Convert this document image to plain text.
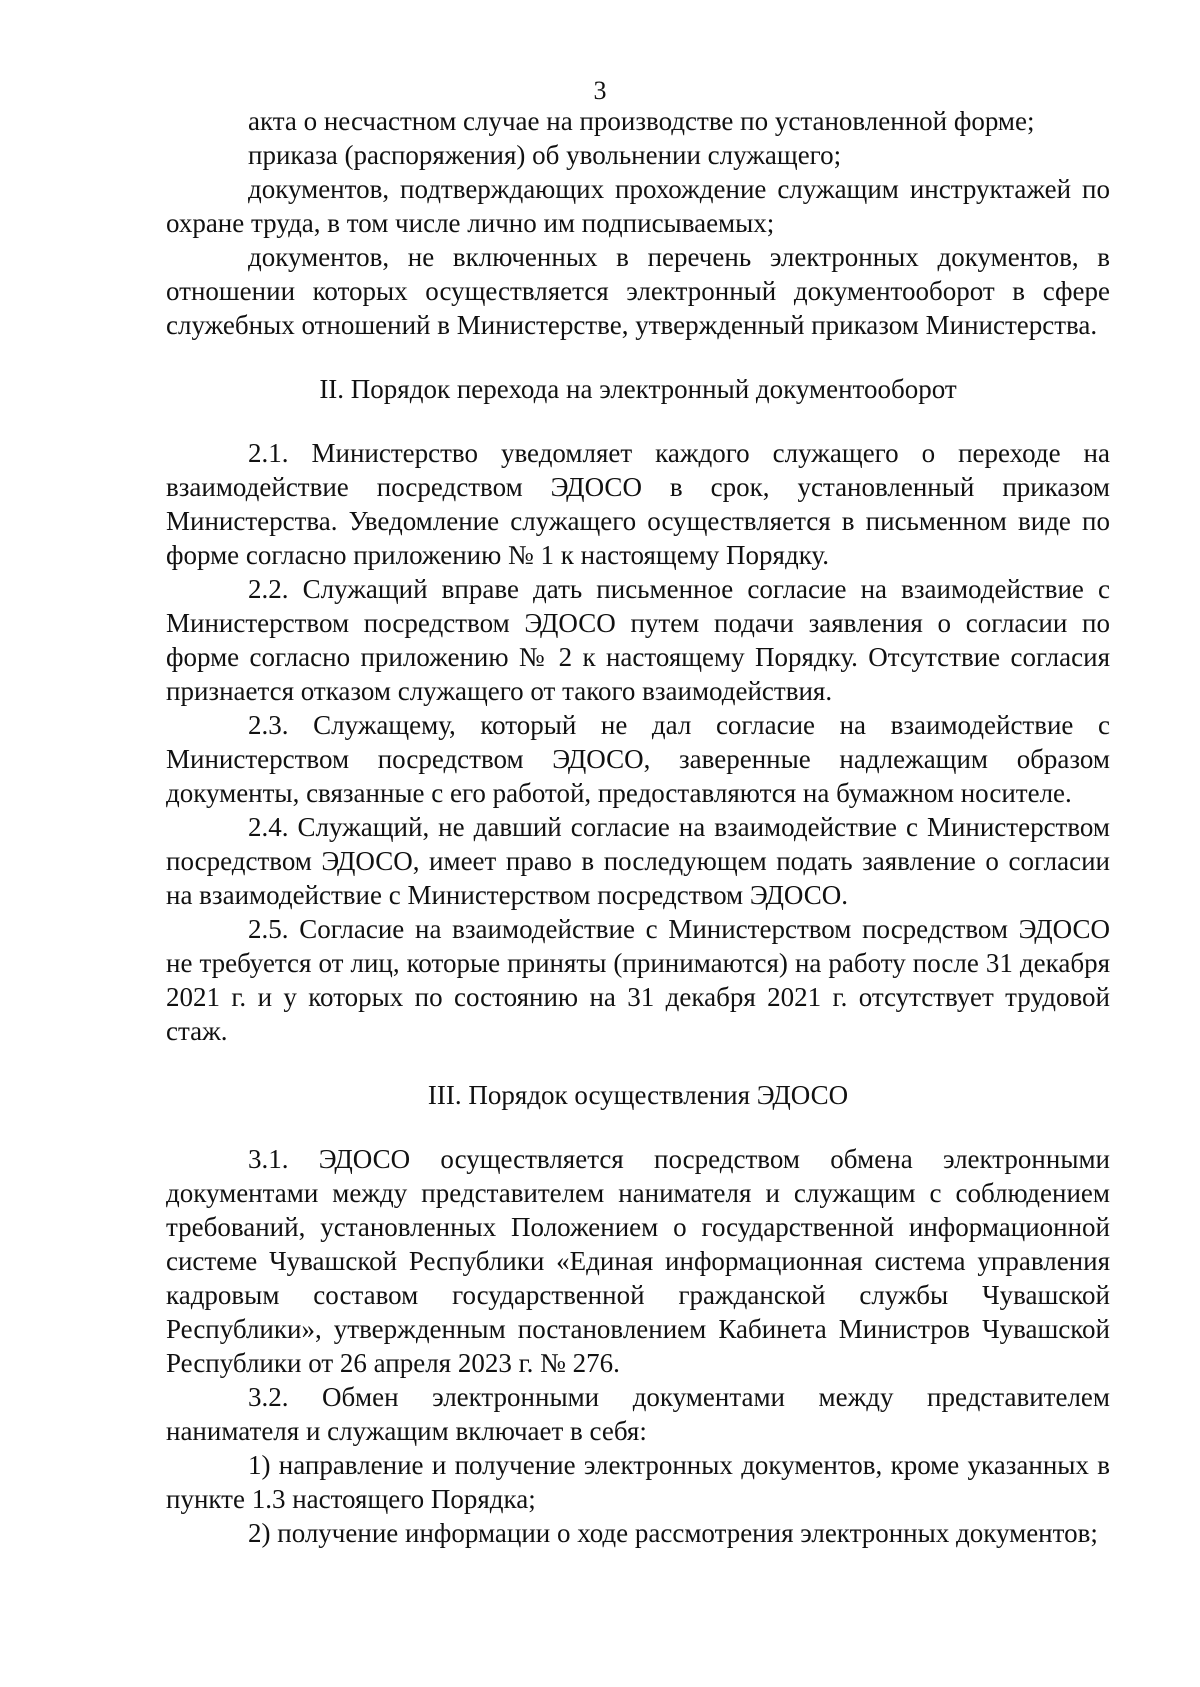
3

акта о несчастном случае на производстве по установленной форме;

приказа (распоряжения) об увольнении служащего;

документов, подтверждающих прохождение служащим инструктажей по охране труда, в том числе лично им подписываемых;

документов, не включенных в перечень электронных документов, в отношении которых осуществляется электронный документооборот в сфере служебных отношений в Министерстве, утвержденный приказом Министерства.

II. Порядок перехода на электронный документооборот

2.1. Министерство уведомляет каждого служащего о переходе на взаимодействие посредством ЭДОСО в срок, установленный приказом Министерства. Уведомление служащего осуществляется в письменном виде по форме согласно приложению № 1 к настоящему Порядку.

2.2. Служащий вправе дать письменное согласие на взаимодействие с Министерством посредством ЭДОСО путем подачи заявления о согласии по форме согласно приложению № 2 к настоящему Порядку. Отсутствие согласия признается отказом служащего от такого взаимодействия.

2.3. Служащему, который не дал согласие на взаимодействие с Министерством посредством ЭДОСО, заверенные надлежащим образом документы, связанные с его работой, предоставляются на бумажном носителе.

2.4. Служащий, не давший согласие на взаимодействие с Министерством посредством ЭДОСО, имеет право в последующем подать заявление о согласии на взаимодействие с Министерством посредством ЭДОСО.

2.5. Согласие на взаимодействие с Министерством посредством ЭДОСО не требуется от лиц, которые приняты (принимаются) на работу после 31 декабря 2021 г. и у которых по состоянию на 31 декабря 2021 г. отсутствует трудовой стаж.

III. Порядок осуществления ЭДОСО

3.1. ЭДОСО осуществляется посредством обмена электронными документами между представителем нанимателя и служащим с соблюдением требований, установленных Положением о государственной информационной системе Чувашской Республики «Единая информационная система управления кадровым составом государственной гражданской службы Чувашской Республики», утвержденным постановлением Кабинета Министров Чувашской Республики от 26 апреля 2023 г. № 276.

3.2. Обмен электронными документами между представителем нанимателя и служащим включает в себя:

1) направление и получение электронных документов, кроме указанных в пункте 1.3 настоящего Порядка;

2) получение информации о ходе рассмотрения электронных документов;
